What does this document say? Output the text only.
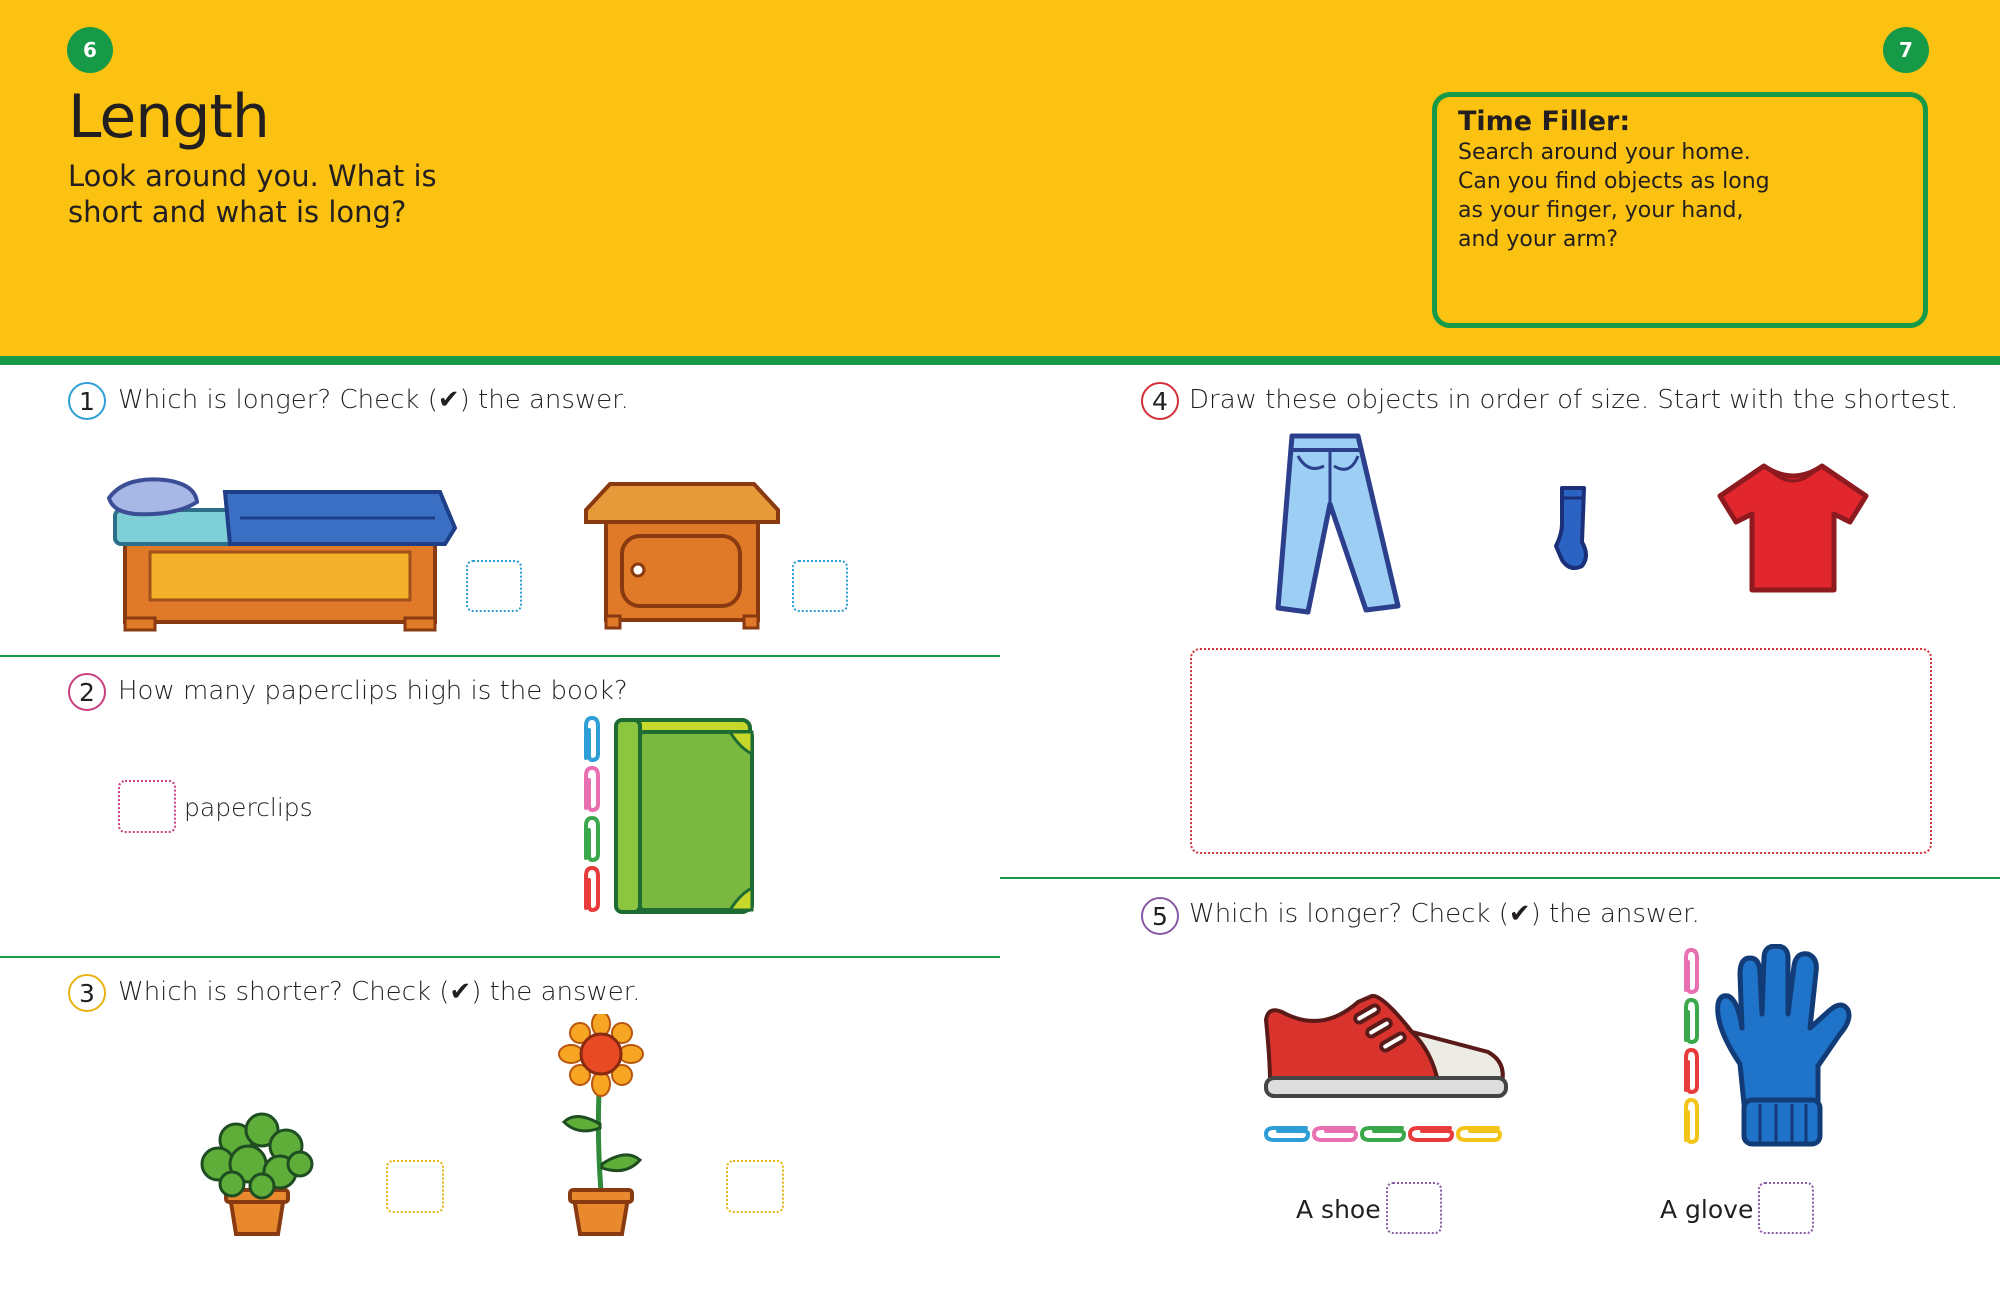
6	7
Length
Look around you. What is short and what is long?
Time Filler:
Search around your home. Can you find objects as long as your finger, your hand, and your arm?
1 Which is longer? Check (✔) the answer.
2 How many paperclips high is the book?
paperclips
3 Which is shorter? Check (✔) the answer.
4 Draw these objects in order of size. Start with the shortest.
5 Which is longer? Check (✔) the answer.
A shoe	A glove
